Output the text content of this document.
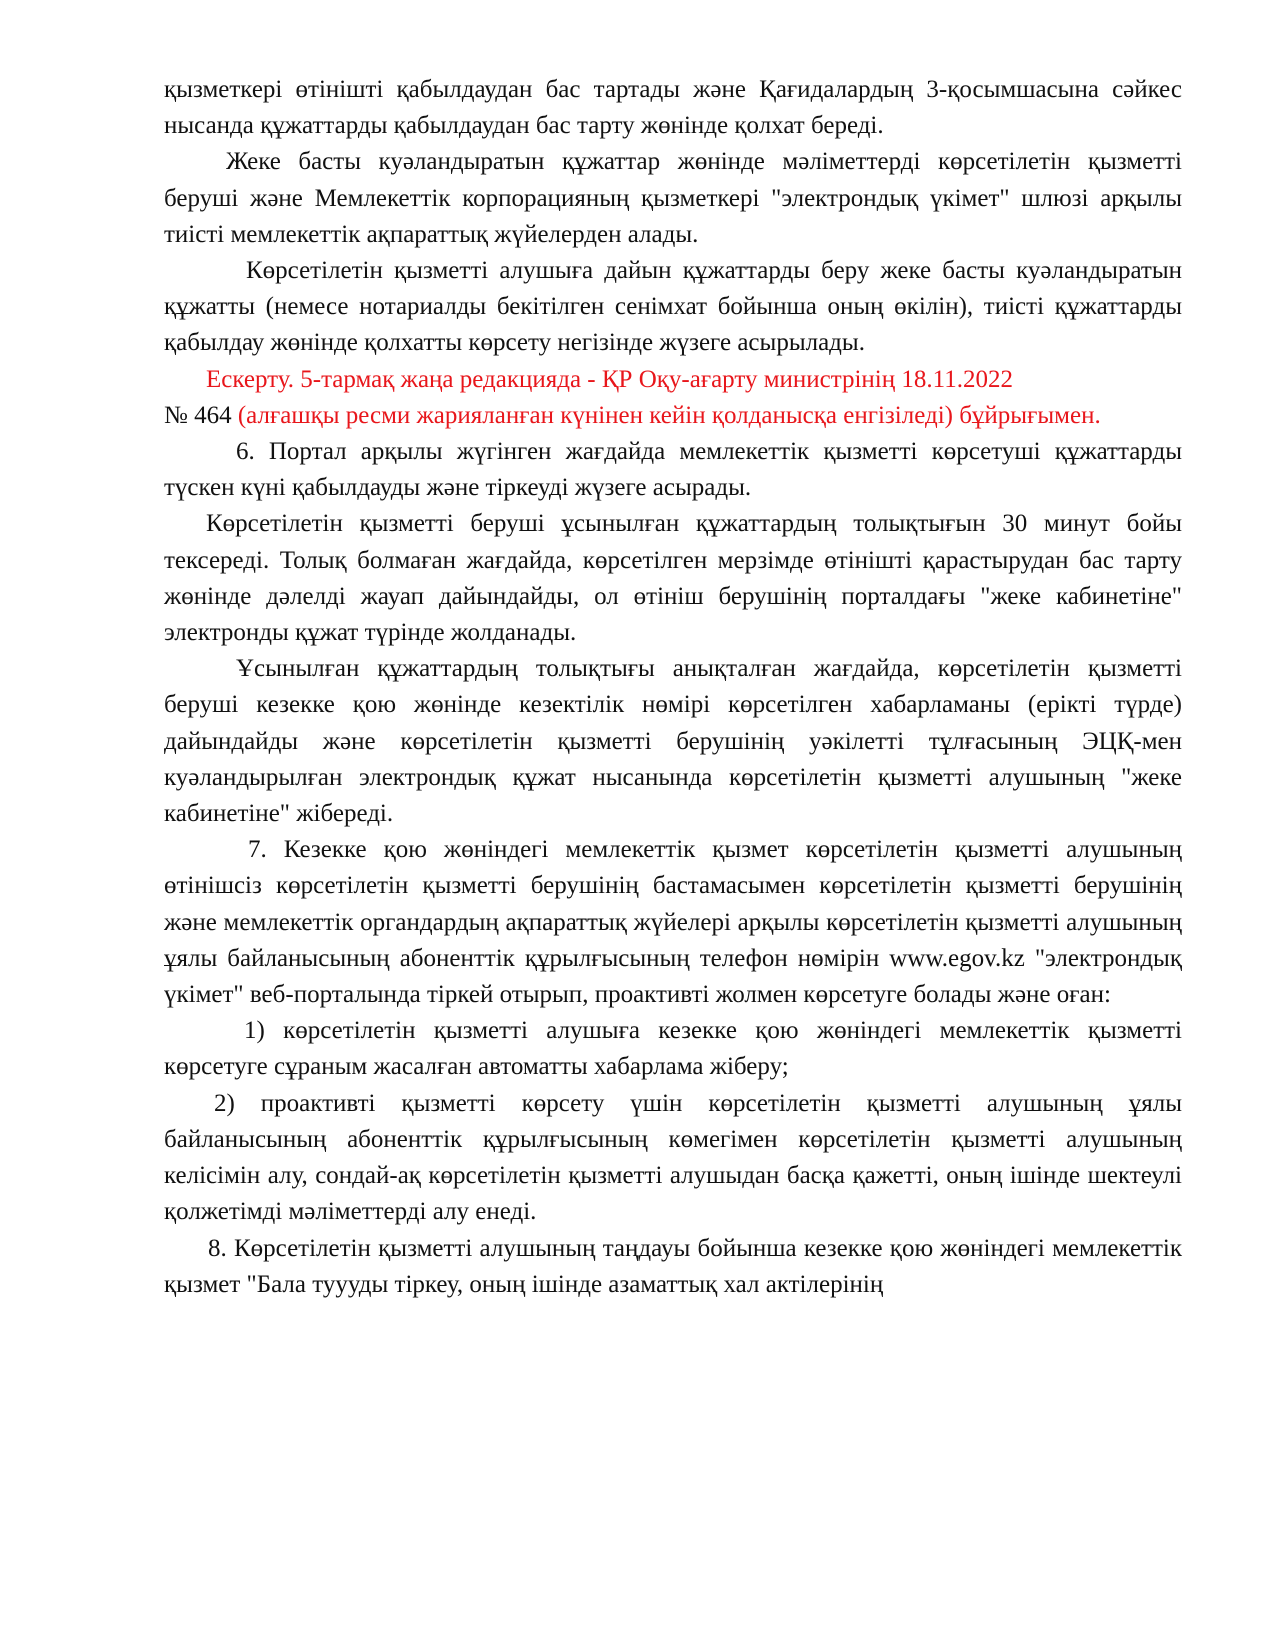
қызметкері өтінішті қабылдаудан бас тартады және Қағидалардың 3-қосымшасына сәйкес нысанда құжаттарды қабылдаудан бас тарту жөнінде қолхат береді.

Жеке басты куәландыратын құжаттар жөнінде мәліметтерді көрсетілетін қызметті беруші және Мемлекеттік корпорацияның қызметкері "электрондық үкімет" шлюзі арқылы тиісті мемлекеттік ақпараттық жүйелерден алады.

Көрсетілетін қызметті алушыға дайын құжаттарды беру жеке басты куәландыратын құжатты (немесе нотариалды бекітілген сенімхат бойынша оның өкілін), тиісті құжаттарды қабылдау жөнінде қолхатты көрсету негізінде жүзеге асырылады.

Ескерту. 5-тармақ жаңа редакцияда - ҚР Оқу-ағарту министрінің 18.11.2022
№ 464 (алғашқы ресми жарияланған күнінен кейін қолданысқа енгізіледі) бұйрығымен.

6. Портал арқылы жүгінген жағдайда мемлекеттік қызметті көрсетуші құжаттарды түскен күні қабылдауды және тіркеуді жүзеге асырады.

Көрсетілетін қызметті беруші ұсынылған құжаттардың толықтығын 30 минут бойы тексереді. Толық болмаған жағдайда, көрсетілген мерзімде өтінішті қарастырудан бас тарту жөнінде дәлелді жауап дайындайды, ол өтініш берушінің порталдағы "жеке кабинетіне" электронды құжат түрінде жолданады.

Ұсынылған құжаттардың толықтығы анықталған жағдайда, көрсетілетін қызметті беруші кезекке қою жөнінде кезектілік нөмірі көрсетілген хабарламаны (ерікті түрде) дайындайды және көрсетілетін қызметті берушінің уәкілетті тұлғасының ЭЦҚ-мен куәландырылған электрондық құжат нысанында көрсетілетін қызметті алушының "жеке кабинетіне" жібереді.

7. Кезекке қою жөніндегі мемлекеттік қызмет көрсетілетін қызметті алушының өтінішсіз көрсетілетін қызметті берушінің бастамасымен көрсетілетін қызметті берушінің және мемлекеттік органдардың ақпараттық жүйелері арқылы көрсетілетін қызметті алушының ұялы байланысының абоненттік құрылғысының телефон нөмірін www.egov.kz "электрондық үкімет" веб-порталында тіркей отырып, проактивті жолмен көрсетуге болады және оған:

1) көрсетілетін қызметті алушыға кезекке қою жөніндегі мемлекеттік қызметті көрсетуге сұраным жасалған автоматты хабарлама жіберу;

2) проактивті қызметті көрсету үшін көрсетілетін қызметті алушының ұялы байланысының абоненттік құрылғысының көмегімен көрсетілетін қызметті алушының келісімін алу, сондай-ақ көрсетілетін қызметті алушыдан басқа қажетті, оның ішінде шектеулі қолжетімді мәліметтерді алу енеді.

8. Көрсетілетін қызметті алушының таңдауы бойынша кезекке қою жөніндегі мемлекеттік қызмет "Бала туууды тіркеу, оның ішінде азаматтық хал актілерінің
